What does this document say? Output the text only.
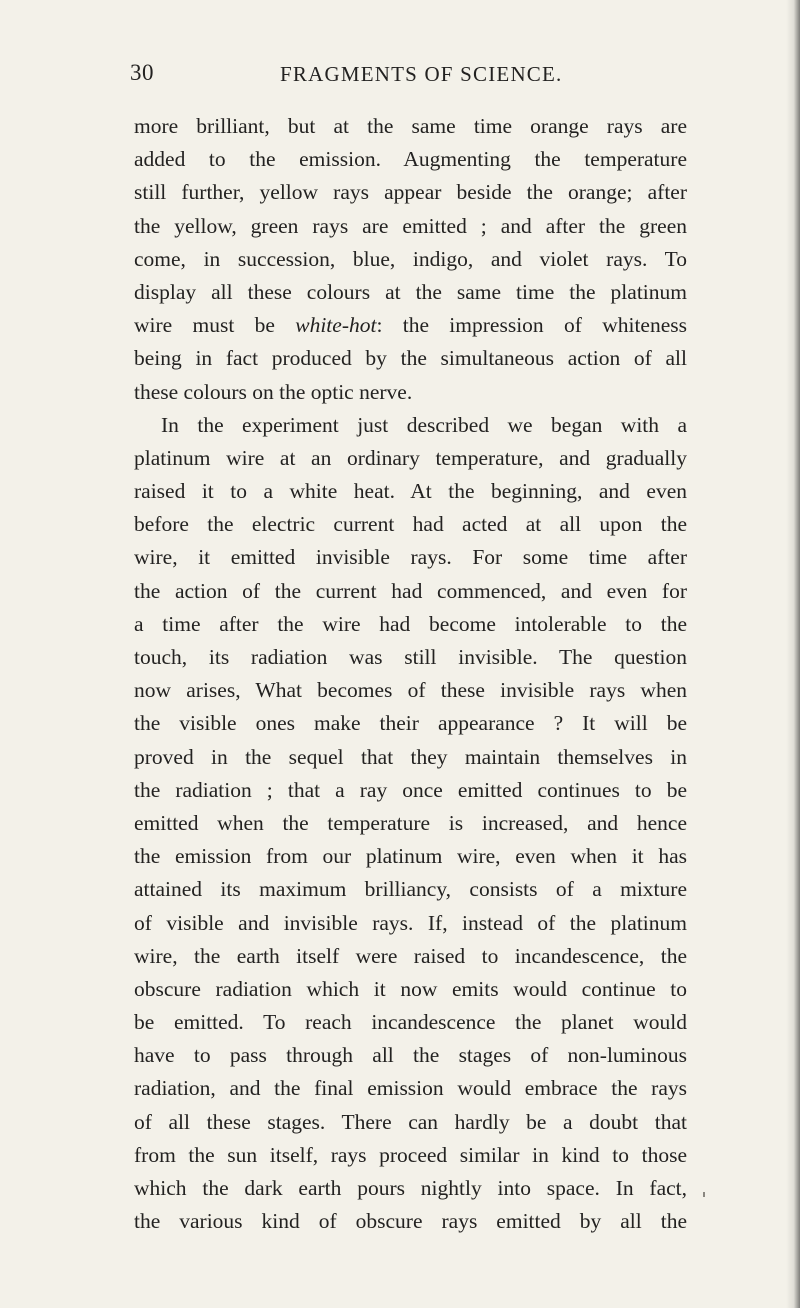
30	FRAGMENTS OF SCIENCE.
more brilliant, but at the same time orange rays are
added to the emission. Augmenting the temperature
still further, yellow rays appear beside the orange; after
the yellow, green rays are emitted ; and after the green
come, in succession, blue, indigo, and violet rays. To
display all these colours at the same time the platinum
wire must be white-hot: the impression of whiteness
being in fact produced by the simultaneous action of all
these colours on the optic nerve.
In the experiment just described we began with a
platinum wire at an ordinary temperature, and gradually
raised it to a white heat. At the beginning, and even
before the electric current had acted at all upon the
wire, it emitted invisible rays. For some time after
the action of the current had commenced, and even for
a time after the wire had become intolerable to the
touch, its radiation was still invisible. The question
now arises, What becomes of these invisible rays when
the visible ones make their appearance ? It will be
proved in the sequel that they maintain themselves in
the radiation ; that a ray once emitted continues to be
emitted when the temperature is increased, and hence
the emission from our platinum wire, even when it has
attained its maximum brilliancy, consists of a mixture
of visible and invisible rays. If, instead of the platinum
wire, the earth itself were raised to incandescence, the
obscure radiation which it now emits would continue to
be emitted. To reach incandescence the planet would
have to pass through all the stages of non-luminous
radiation, and the final emission would embrace the rays
of all these stages. There can hardly be a doubt that
from the sun itself, rays proceed similar in kind to those
which the dark earth pours nightly into space. In fact,
the various kind of obscure rays emitted by all the
